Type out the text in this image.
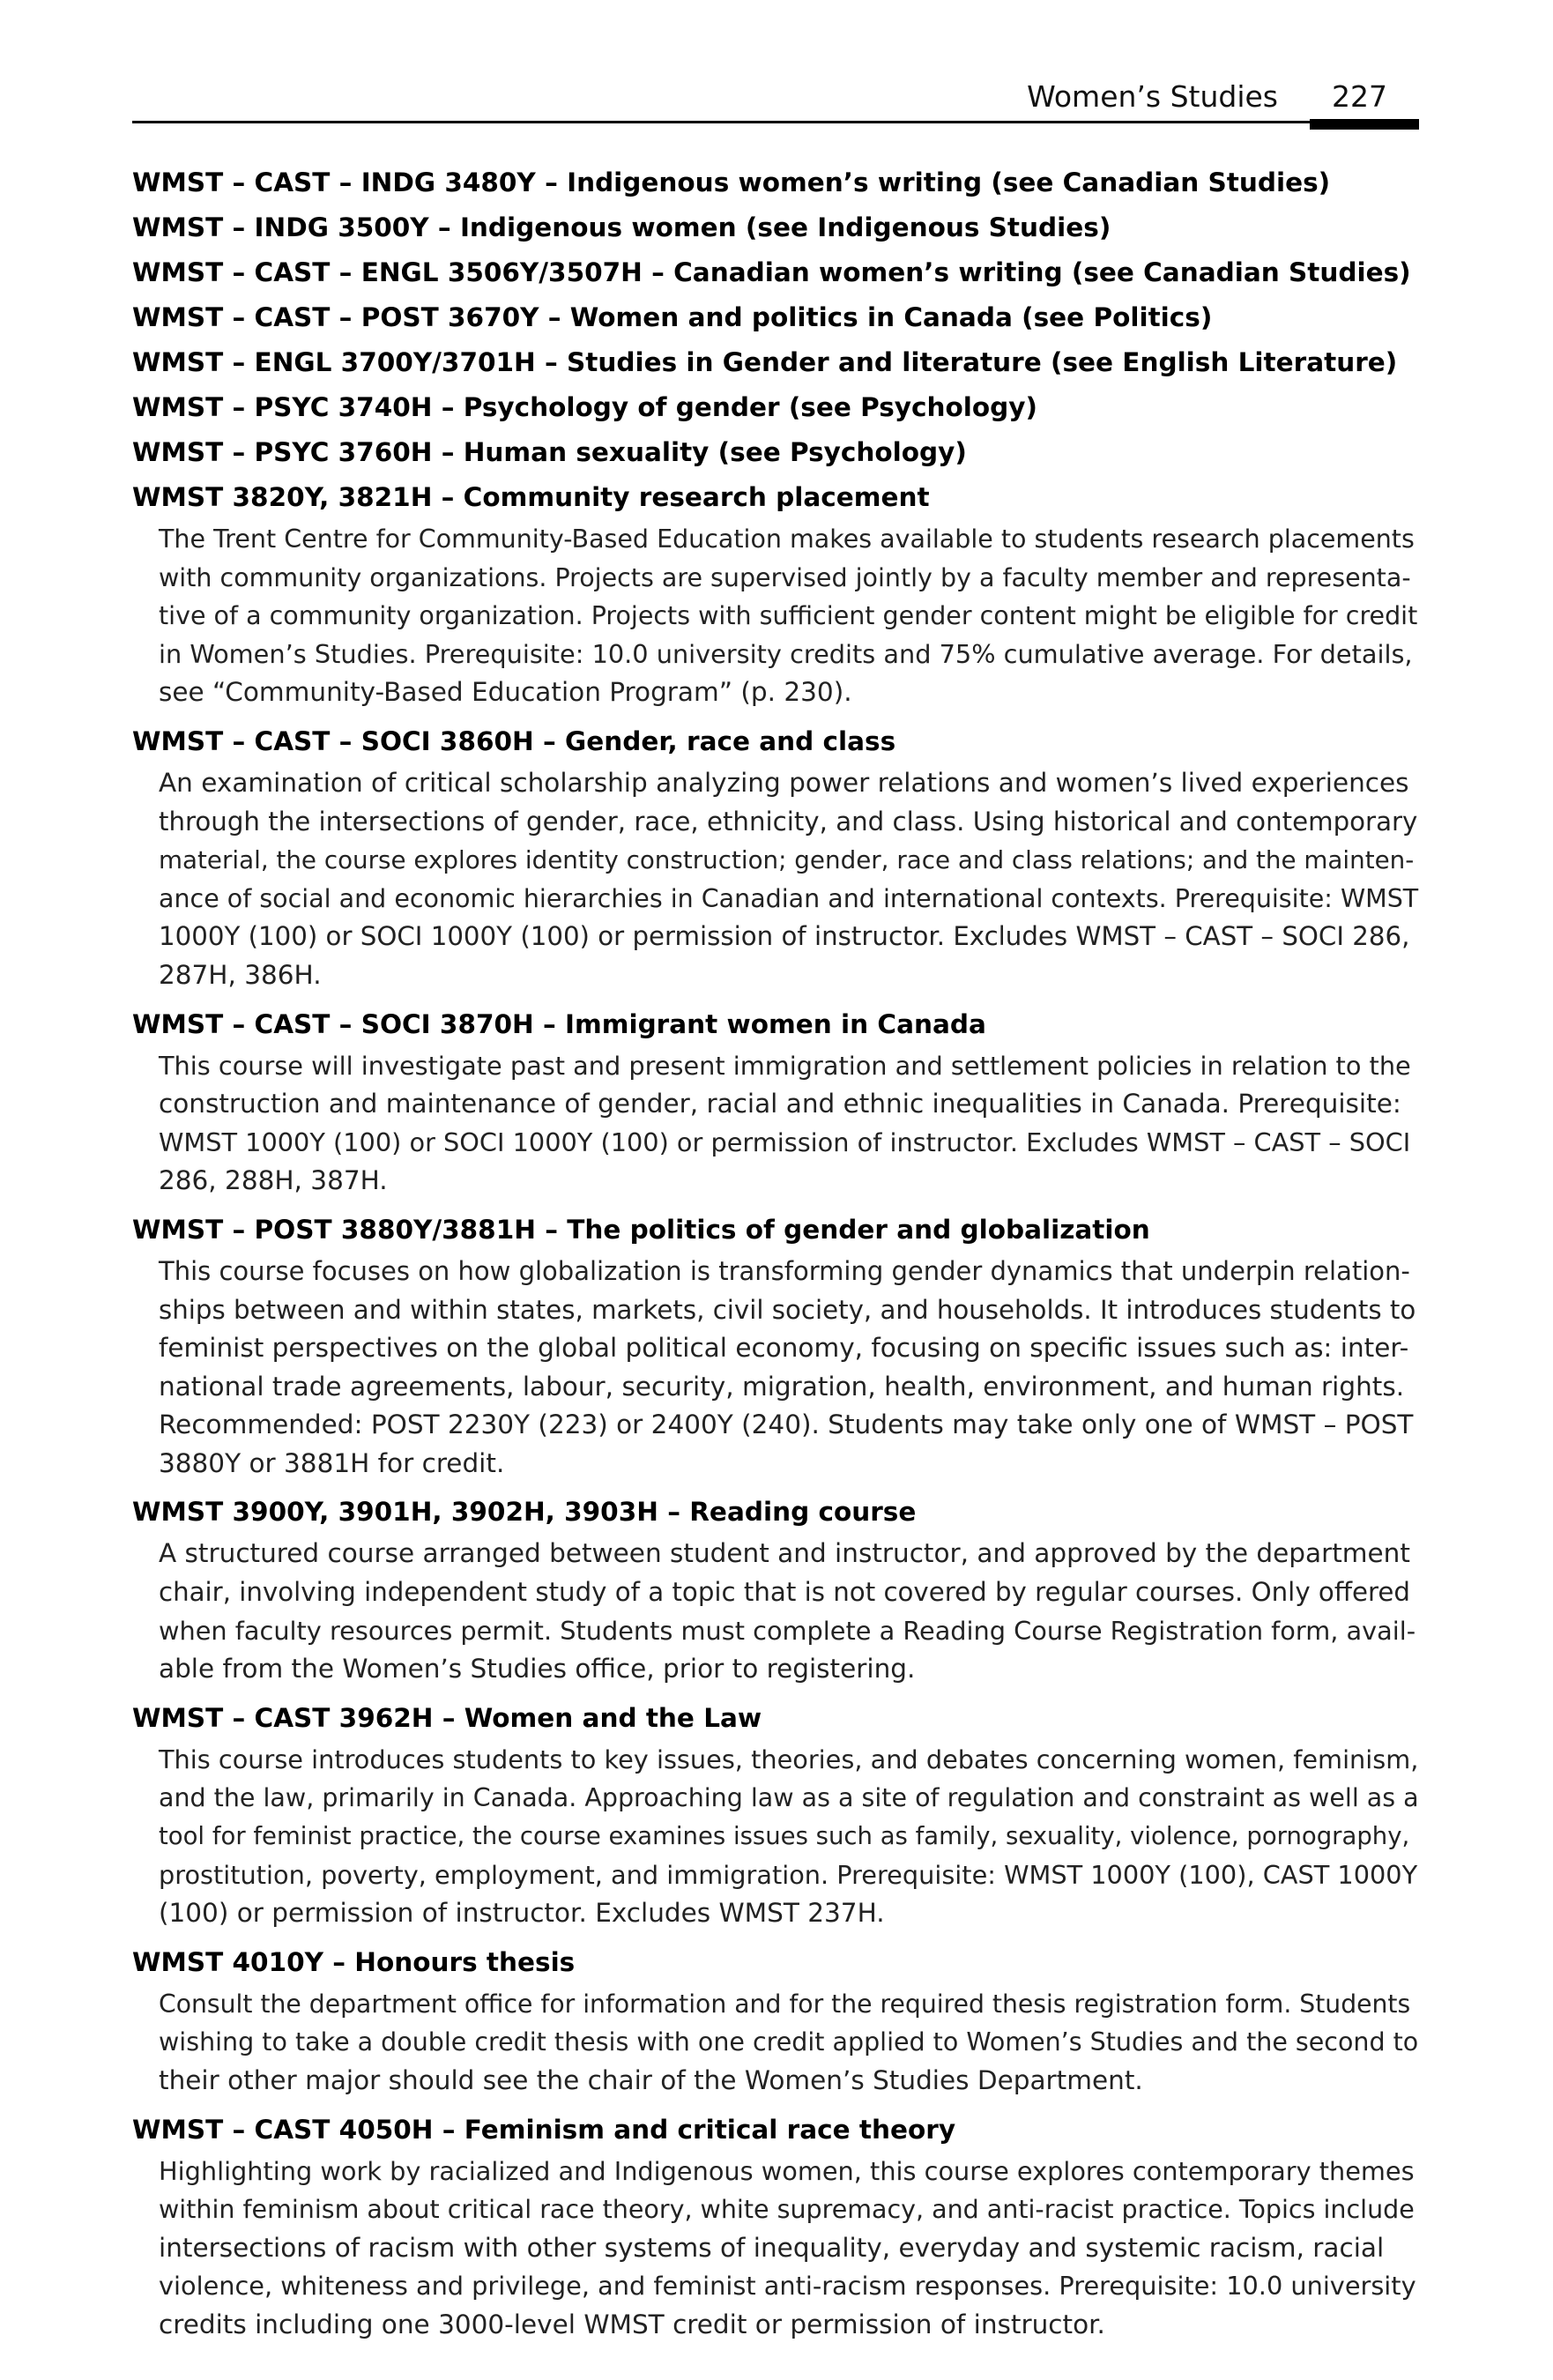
Women’s Studies 227
WMST – CAST – INDG 3480Y – Indigenous women’s writing (see Canadian Studies)
WMST – INDG 3500Y – Indigenous women (see Indigenous Studies)
WMST – CAST – ENGL 3506Y/3507H – Canadian women’s writing (see Canadian Studies)
WMST – CAST – POST 3670Y – Women and politics in Canada (see Politics)
WMST – ENGL 3700Y/3701H – Studies in Gender and literature (see English Literature)
WMST – PSYC 3740H – Psychology of gender (see Psychology)
WMST – PSYC 3760H – Human sexuality (see Psychology)
WMST 3820Y, 3821H – Community research placement
The Trent Centre for Community-Based Education makes available to students research placements
with community organizations. Projects are supervised jointly by a faculty member and representa-
tive of a community organization. Projects with sufficient gender content might be eligible for credit
in Women’s Studies. Prerequisite: 10.0 university credits and 75% cumulative average. For details,
see “Community-Based Education Program” (p. 230).
WMST – CAST – SOCI 3860H – Gender, race and class
An examination of critical scholarship analyzing power relations and women’s lived experiences
through the intersections of gender, race, ethnicity, and class. Using historical and contemporary
material, the course explores identity construction; gender, race and class relations; and the mainten-
ance of social and economic hierarchies in Canadian and international contexts. Prerequisite: WMST
1000Y (100) or SOCI 1000Y (100) or permission of instructor. Excludes WMST – CAST – SOCI 286,
287H, 386H.
WMST – CAST – SOCI 3870H – Immigrant women in Canada
This course will investigate past and present immigration and settlement policies in relation to the
construction and maintenance of gender, racial and ethnic inequalities in Canada. Prerequisite:
WMST 1000Y (100) or SOCI 1000Y (100) or permission of instructor. Excludes WMST – CAST – SOCI
286, 288H, 387H.
WMST – POST 3880Y/3881H – The politics of gender and globalization
This course focuses on how globalization is transforming gender dynamics that underpin relation-
ships between and within states, markets, civil society, and households. It introduces students to
feminist perspectives on the global political economy, focusing on specific issues such as: inter-
national trade agreements, labour, security, migration, health, environment, and human rights.
Recommended: POST 2230Y (223) or 2400Y (240). Students may take only one of WMST – POST
3880Y or 3881H for credit.
WMST 3900Y, 3901H, 3902H, 3903H – Reading course
A structured course arranged between student and instructor, and approved by the department
chair, involving independent study of a topic that is not covered by regular courses. Only offered
when faculty resources permit. Students must complete a Reading Course Registration form, avail-
able from the Women’s Studies office, prior to registering.
WMST – CAST 3962H – Women and the Law
This course introduces students to key issues, theories, and debates concerning women, feminism,
and the law, primarily in Canada. Approaching law as a site of regulation and constraint as well as a
tool for feminist practice, the course examines issues such as family, sexuality, violence, pornography,
prostitution, poverty, employment, and immigration. Prerequisite: WMST 1000Y (100), CAST 1000Y
(100) or permission of instructor. Excludes WMST 237H.
WMST 4010Y – Honours thesis
Consult the department office for information and for the required thesis registration form. Students
wishing to take a double credit thesis with one credit applied to Women’s Studies and the second to
their other major should see the chair of the Women’s Studies Department.
WMST – CAST 4050H – Feminism and critical race theory
Highlighting work by racialized and Indigenous women, this course explores contemporary themes
within feminism about critical race theory, white supremacy, and anti-racist practice. Topics include
intersections of racism with other systems of inequality, everyday and systemic racism, racial
violence, whiteness and privilege, and feminist anti-racism responses. Prerequisite: 10.0 university
credits including one 3000-level WMST credit or permission of instructor.
